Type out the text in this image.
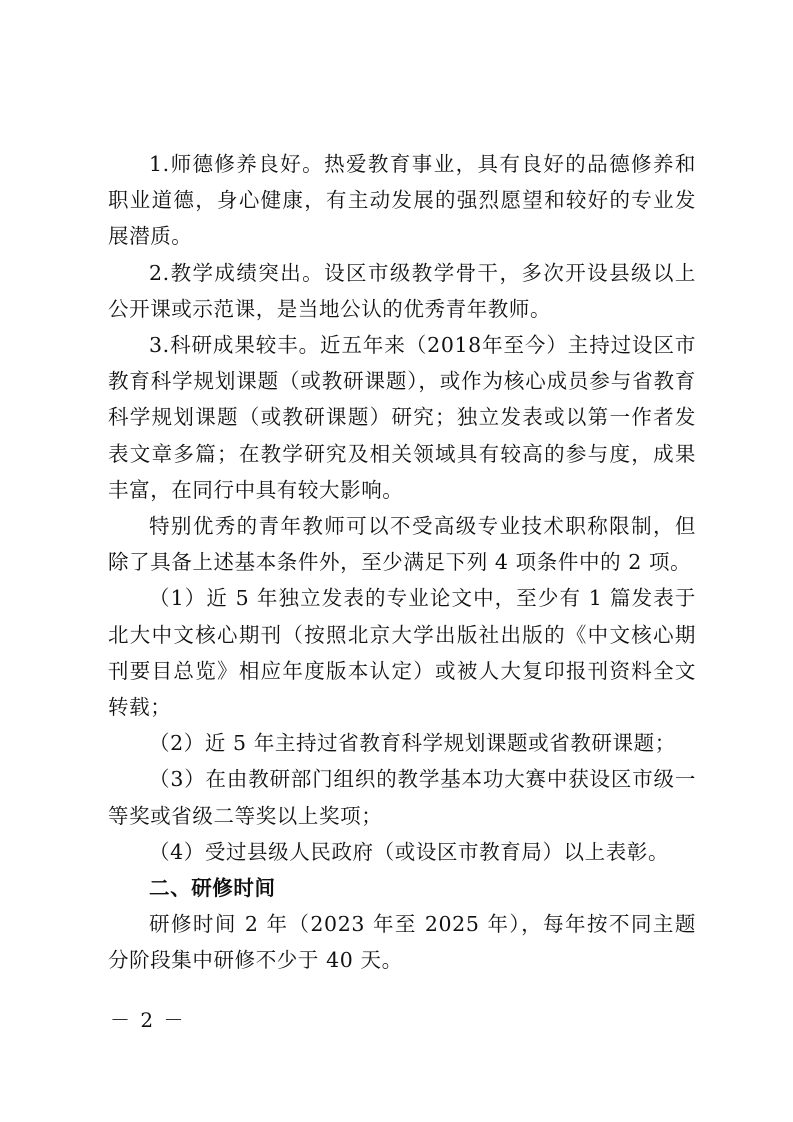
1.师德修养良好。热爱教育事业，具有良好的品德修养和职业道德，身心健康，有主动发展的强烈愿望和较好的专业发展潜质。

2.教学成绩突出。设区市级教学骨干，多次开设县级以上公开课或示范课，是当地公认的优秀青年教师。

3.科研成果较丰。近五年来（2018年至今）主持过设区市教育科学规划课题（或教研课题），或作为核心成员参与省教育科学规划课题（或教研课题）研究；独立发表或以第一作者发表文章多篇；在教学研究及相关领域具有较高的参与度，成果丰富，在同行中具有较大影响。

特别优秀的青年教师可以不受高级专业技术职称限制，但除了具备上述基本条件外，至少满足下列 4 项条件中的 2 项。

（1）近 5 年独立发表的专业论文中，至少有 1 篇发表于北大中文核心期刊（按照北京大学出版社出版的《中文核心期刊要目总览》相应年度版本认定）或被人大复印报刊资料全文转载；

（2）近 5 年主持过省教育科学规划课题或省教研课题；

（3）在由教研部门组织的教学基本功大赛中获设区市级一等奖或省级二等奖以上奖项；

（4）受过县级人民政府（或设区市教育局）以上表彰。

二、研修时间

研修时间 2 年（2023 年至 2025 年），每年按不同主题分阶段集中研修不少于 40 天。

－ 2 －
